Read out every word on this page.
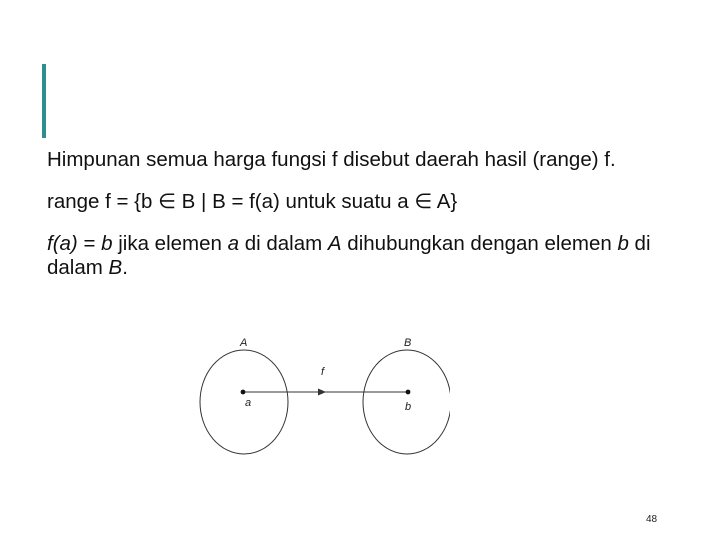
Himpunan semua harga fungsi f disebut daerah hasil (range) f.

range f = {b ∈ B | B = f(a) untuk suatu a ∈ A}

f(a) = b jika elemen a di dalam A dihubungkan dengan elemen b di dalam B.

A	B
f
a	b
48
